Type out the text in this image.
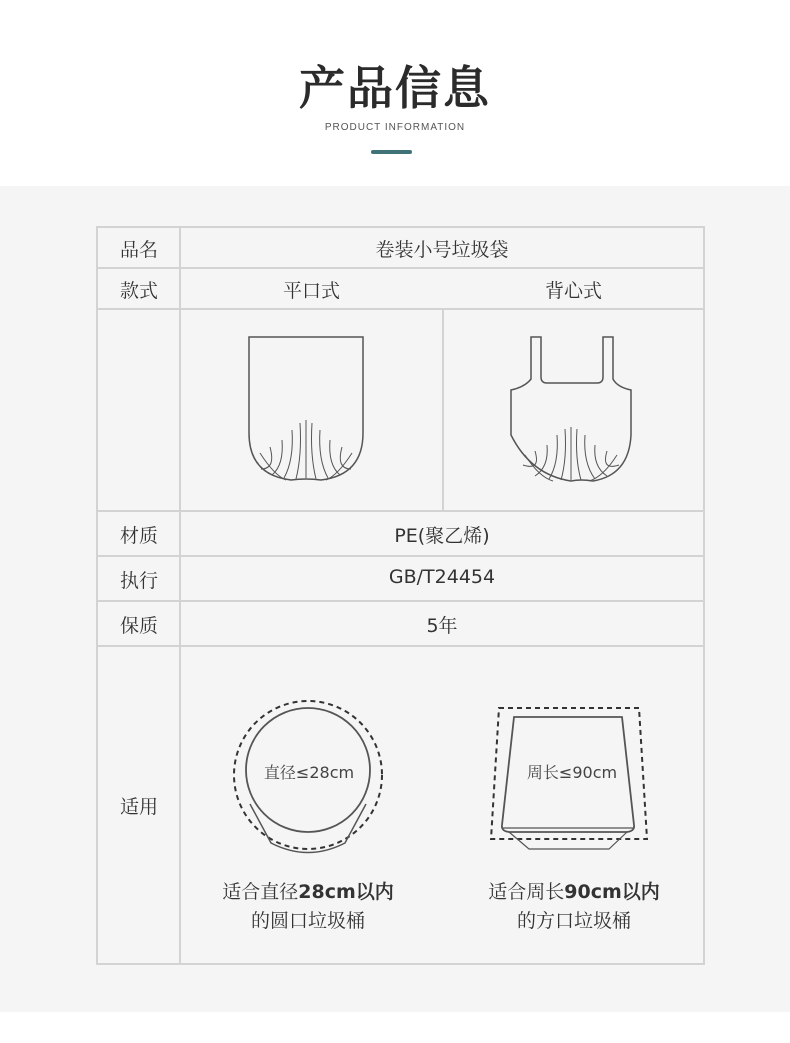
产品信息
PRODUCT INFORMATION
品名	卷装小号垃圾袋
款式	平口式	背心式
材质	PE(聚乙烯)
执行	GB/T24454
保质	5年
适用
直径≤28cm	周长≤90cm
适合直径28cm以内
的圆口垃圾桶
适合周长90cm以内
的方口垃圾桶
